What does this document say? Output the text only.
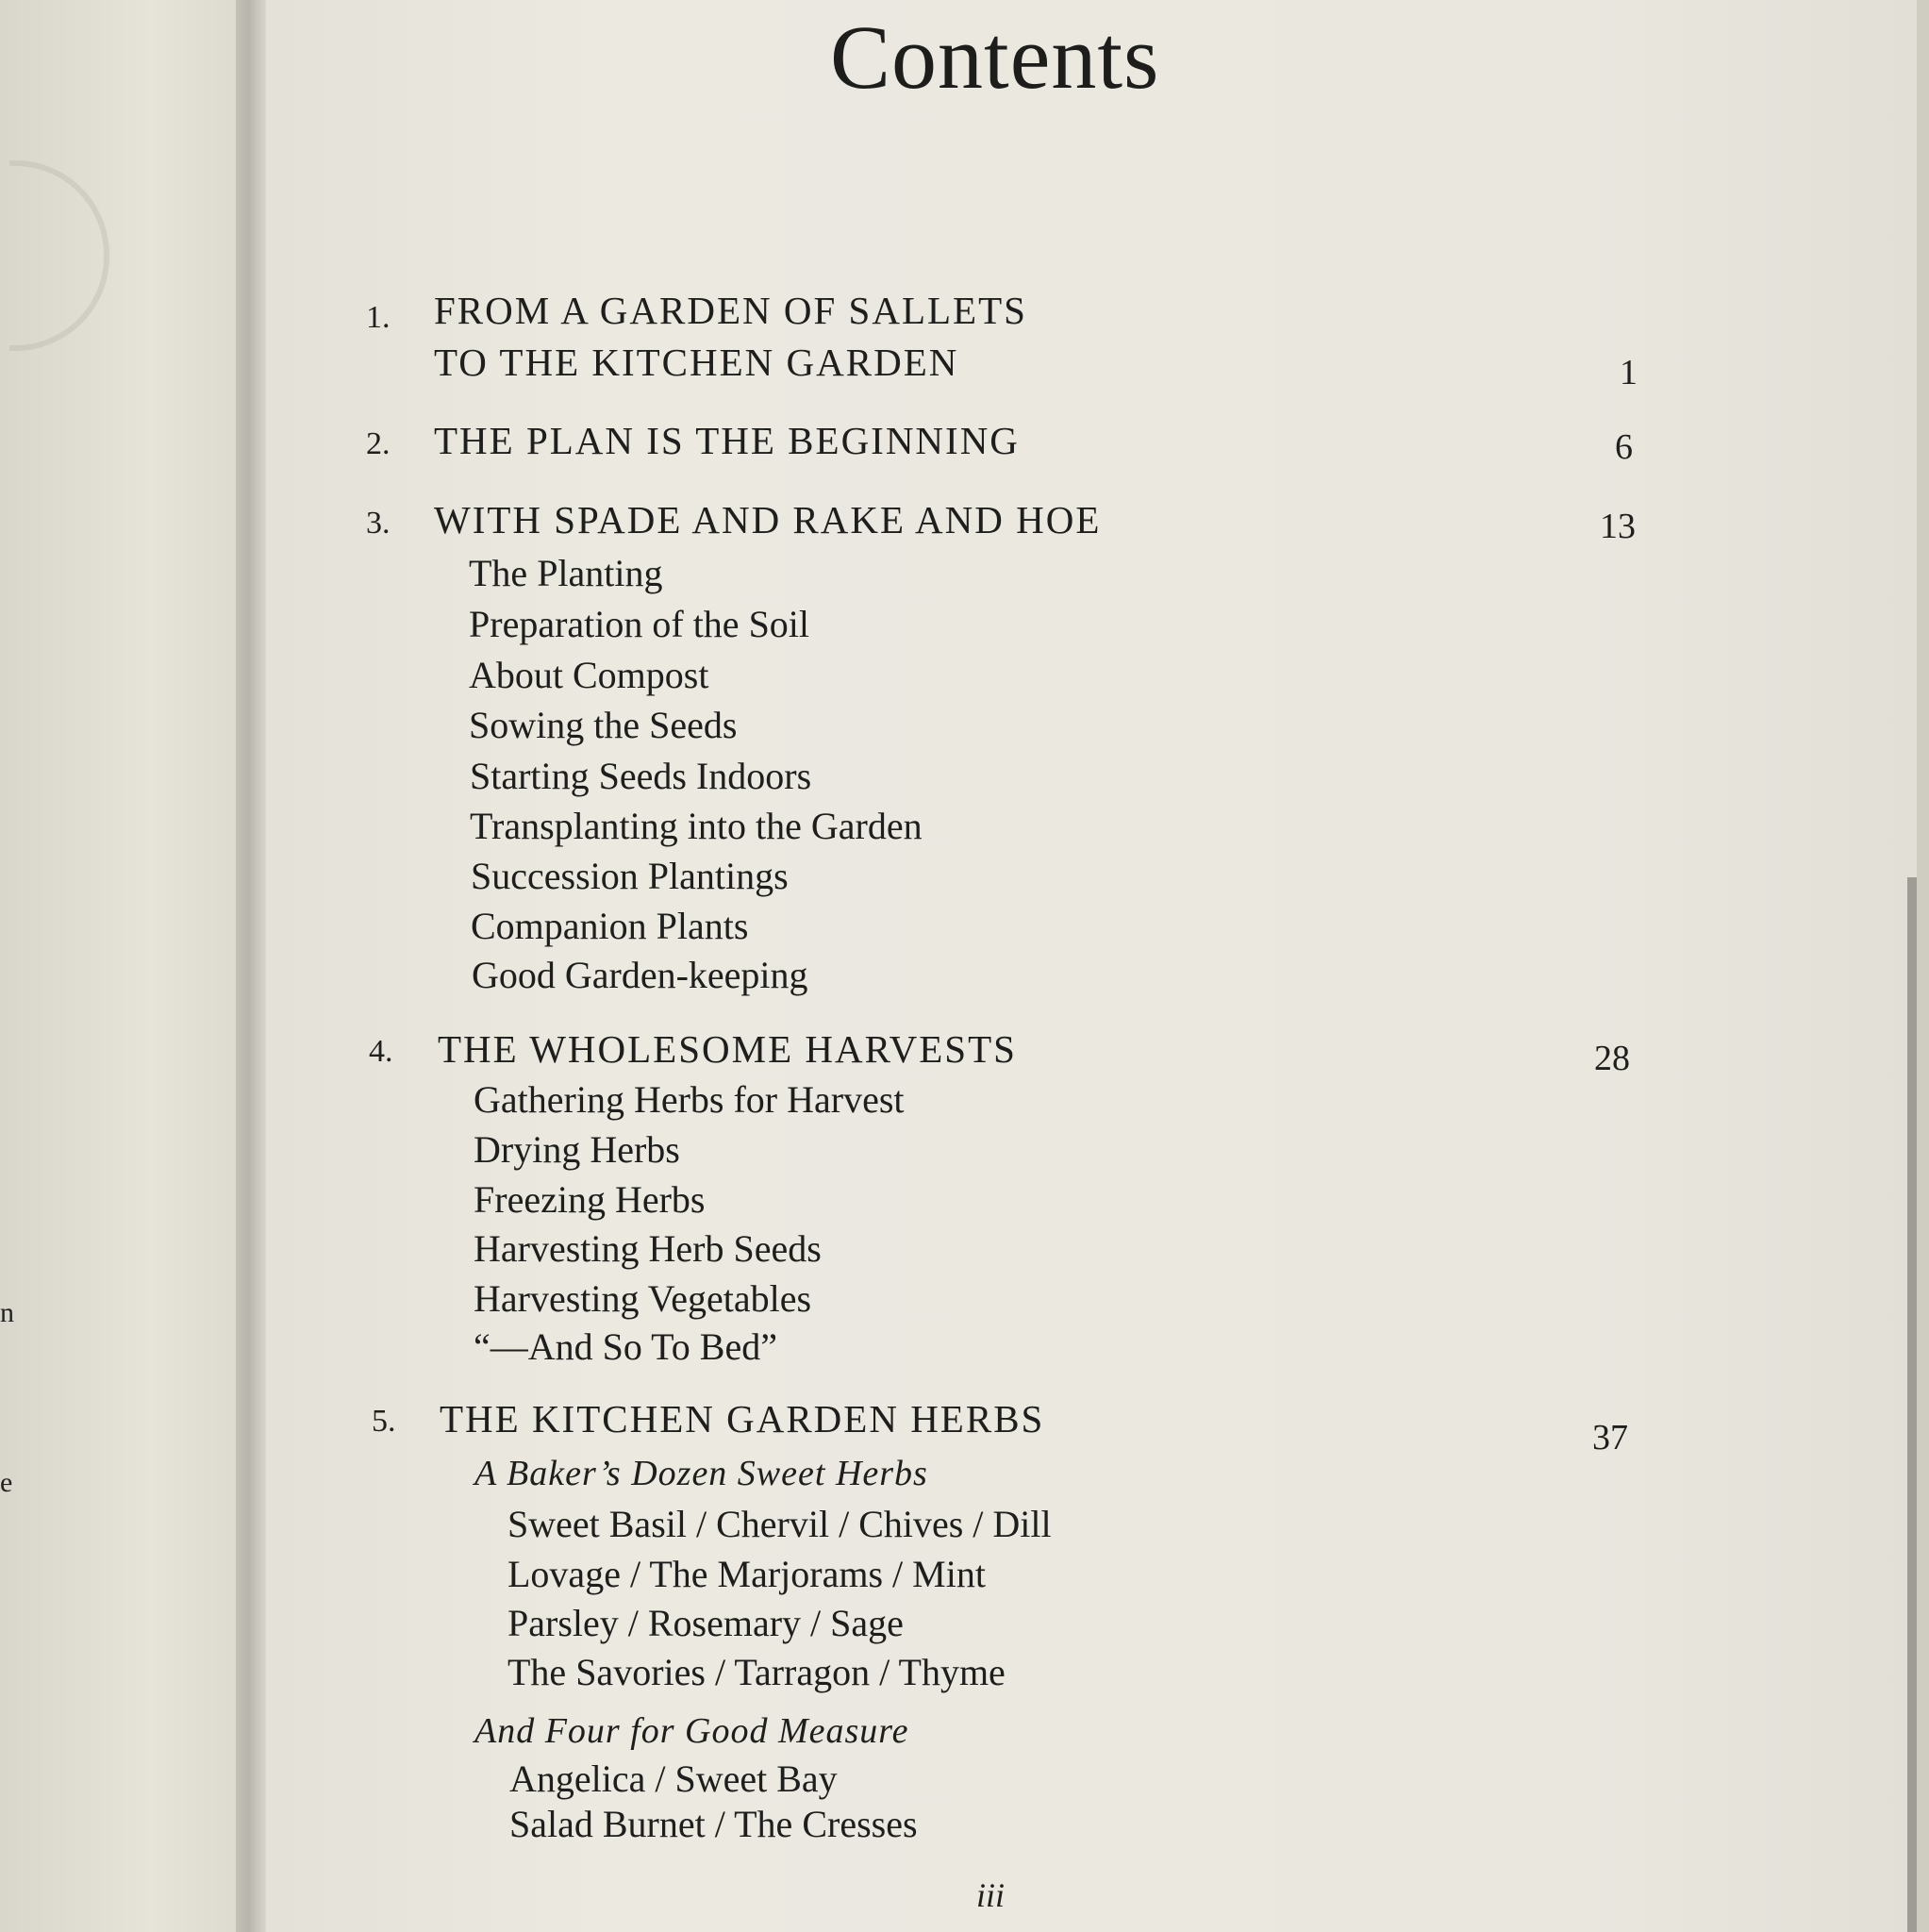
n
e
Contents
1. FROM A GARDEN OF SALLETS
TO THE KITCHEN GARDEN	1
2. THE PLAN IS THE BEGINNING	6
3. WITH SPADE AND RAKE AND HOE	13
The Planting
Preparation of the Soil
About Compost
Sowing the Seeds
Starting Seeds Indoors
Transplanting into the Garden
Succession Plantings
Companion Plants
Good Garden-keeping
4. THE WHOLESOME HARVESTS	28
Gathering Herbs for Harvest
Drying Herbs
Freezing Herbs
Harvesting Herb Seeds
Harvesting Vegetables
“—And So To Bed”
5. THE KITCHEN GARDEN HERBS	37
A Baker’s Dozen Sweet Herbs
Sweet Basil / Chervil / Chives / Dill
Lovage / The Marjorams / Mint
Parsley / Rosemary / Sage
The Savories / Tarragon / Thyme
And Four for Good Measure
Angelica / Sweet Bay
Salad Burnet / The Cresses
iii
